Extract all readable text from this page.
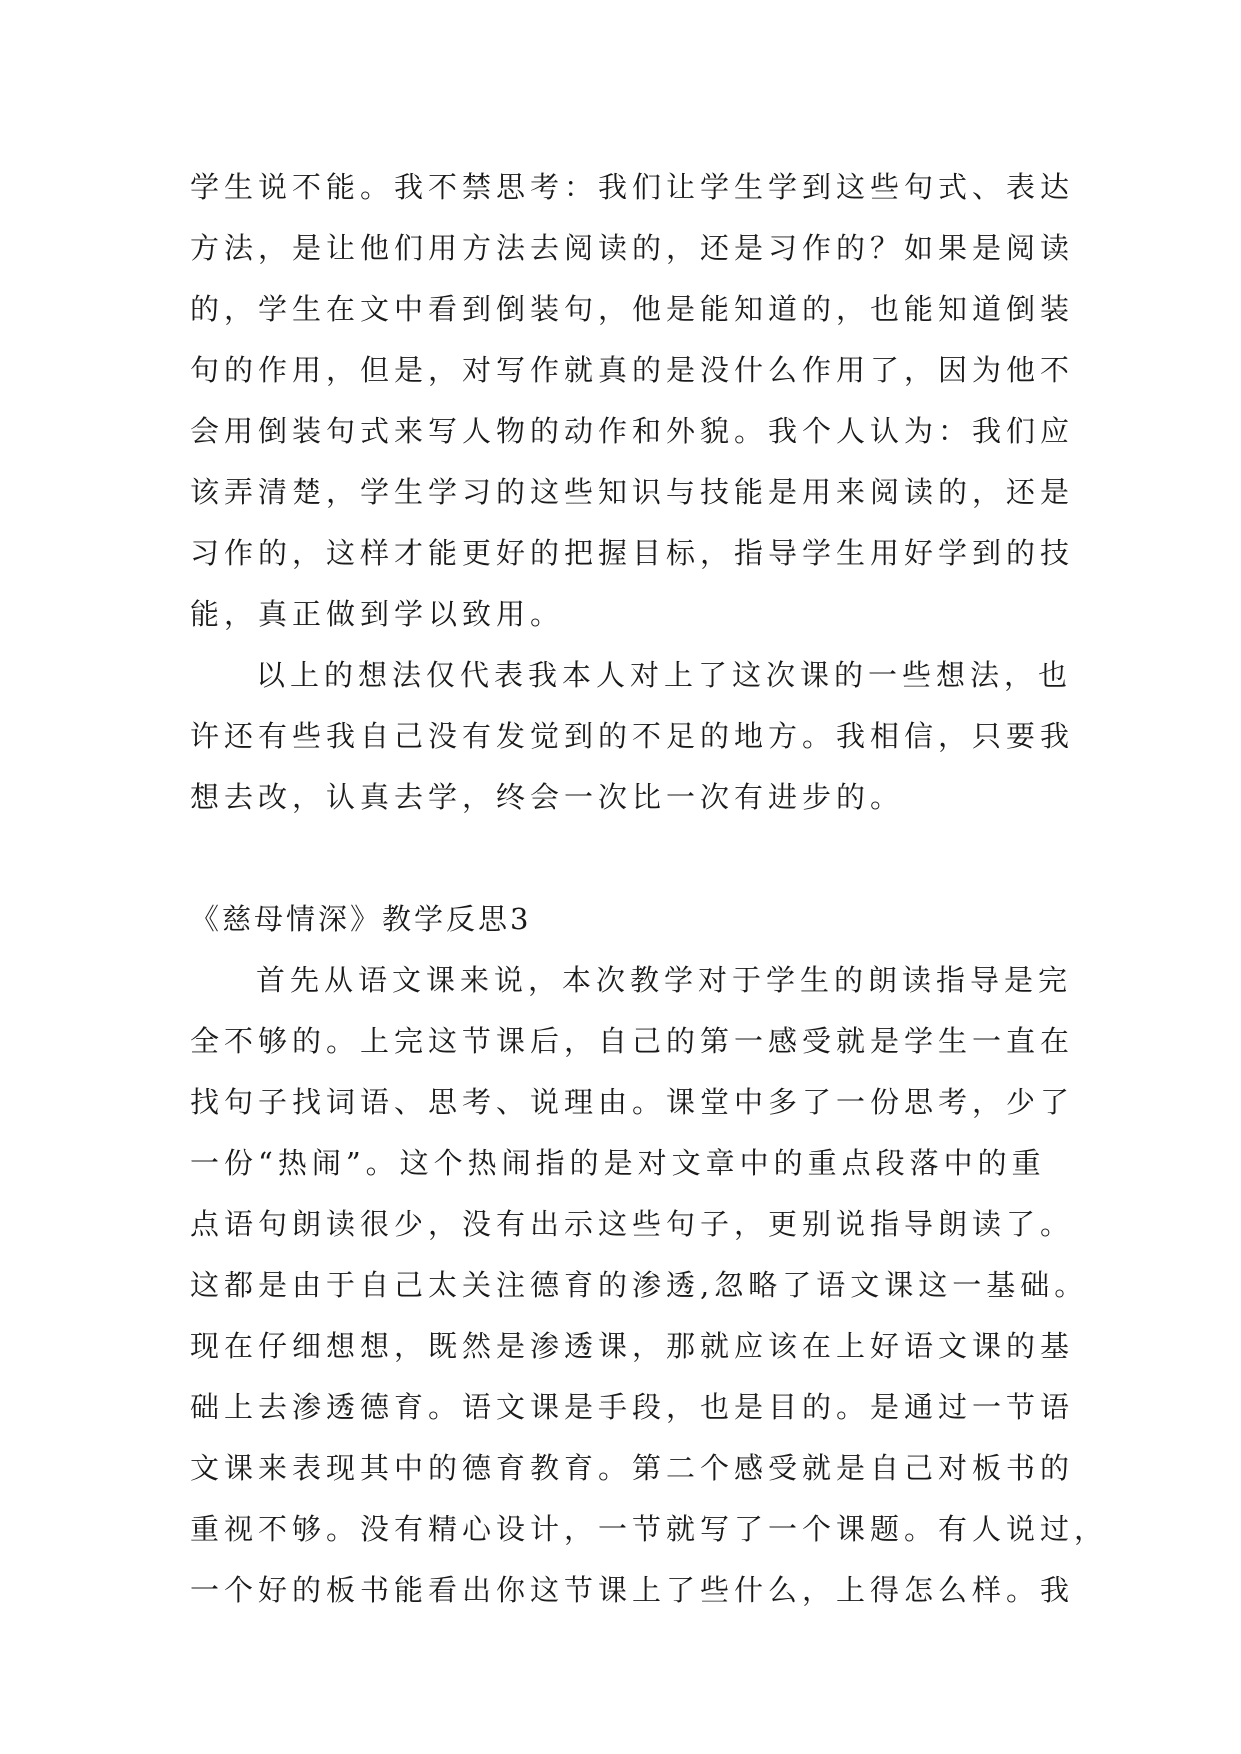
学生说不能。我不禁思考：我们让学生学到这些句式、表达
方法，是让他们用方法去阅读的，还是习作的？如果是阅读
的，学生在文中看到倒装句，他是能知道的，也能知道倒装
句的作用，但是，对写作就真的是没什么作用了，因为他不
会用倒装句式来写人物的动作和外貌。我个人认为：我们应
该弄清楚，学生学习的这些知识与技能是用来阅读的，还是
习作的，这样才能更好的把握目标，指导学生用好学到的技
能，真正做到学以致用。
以上的想法仅代表我本人对上了这次课的一些想法，也
许还有些我自己没有发觉到的不足的地方。我相信，只要我
想去改，认真去学，终会一次比一次有进步的。
《慈母情深》教学反思3
首先从语文课来说，本次教学对于学生的朗读指导是完
全不够的。上完这节课后，自己的第一感受就是学生一直在
找句子找词语、思考、说理由。课堂中多了一份思考，少了
一份“热闹”。这个热闹指的是对文章中的重点段落中的重
点语句朗读很少，没有出示这些句子，更别说指导朗读了。
这都是由于自己太关注德育的渗透,忽略了语文课这一基础。
现在仔细想想，既然是渗透课，那就应该在上好语文课的基
础上去渗透德育。语文课是手段，也是目的。是通过一节语
文课来表现其中的德育教育。第二个感受就是自己对板书的
重视不够。没有精心设计，一节就写了一个课题。有人说过，
一个好的板书能看出你这节课上了些什么，上得怎么样。我
